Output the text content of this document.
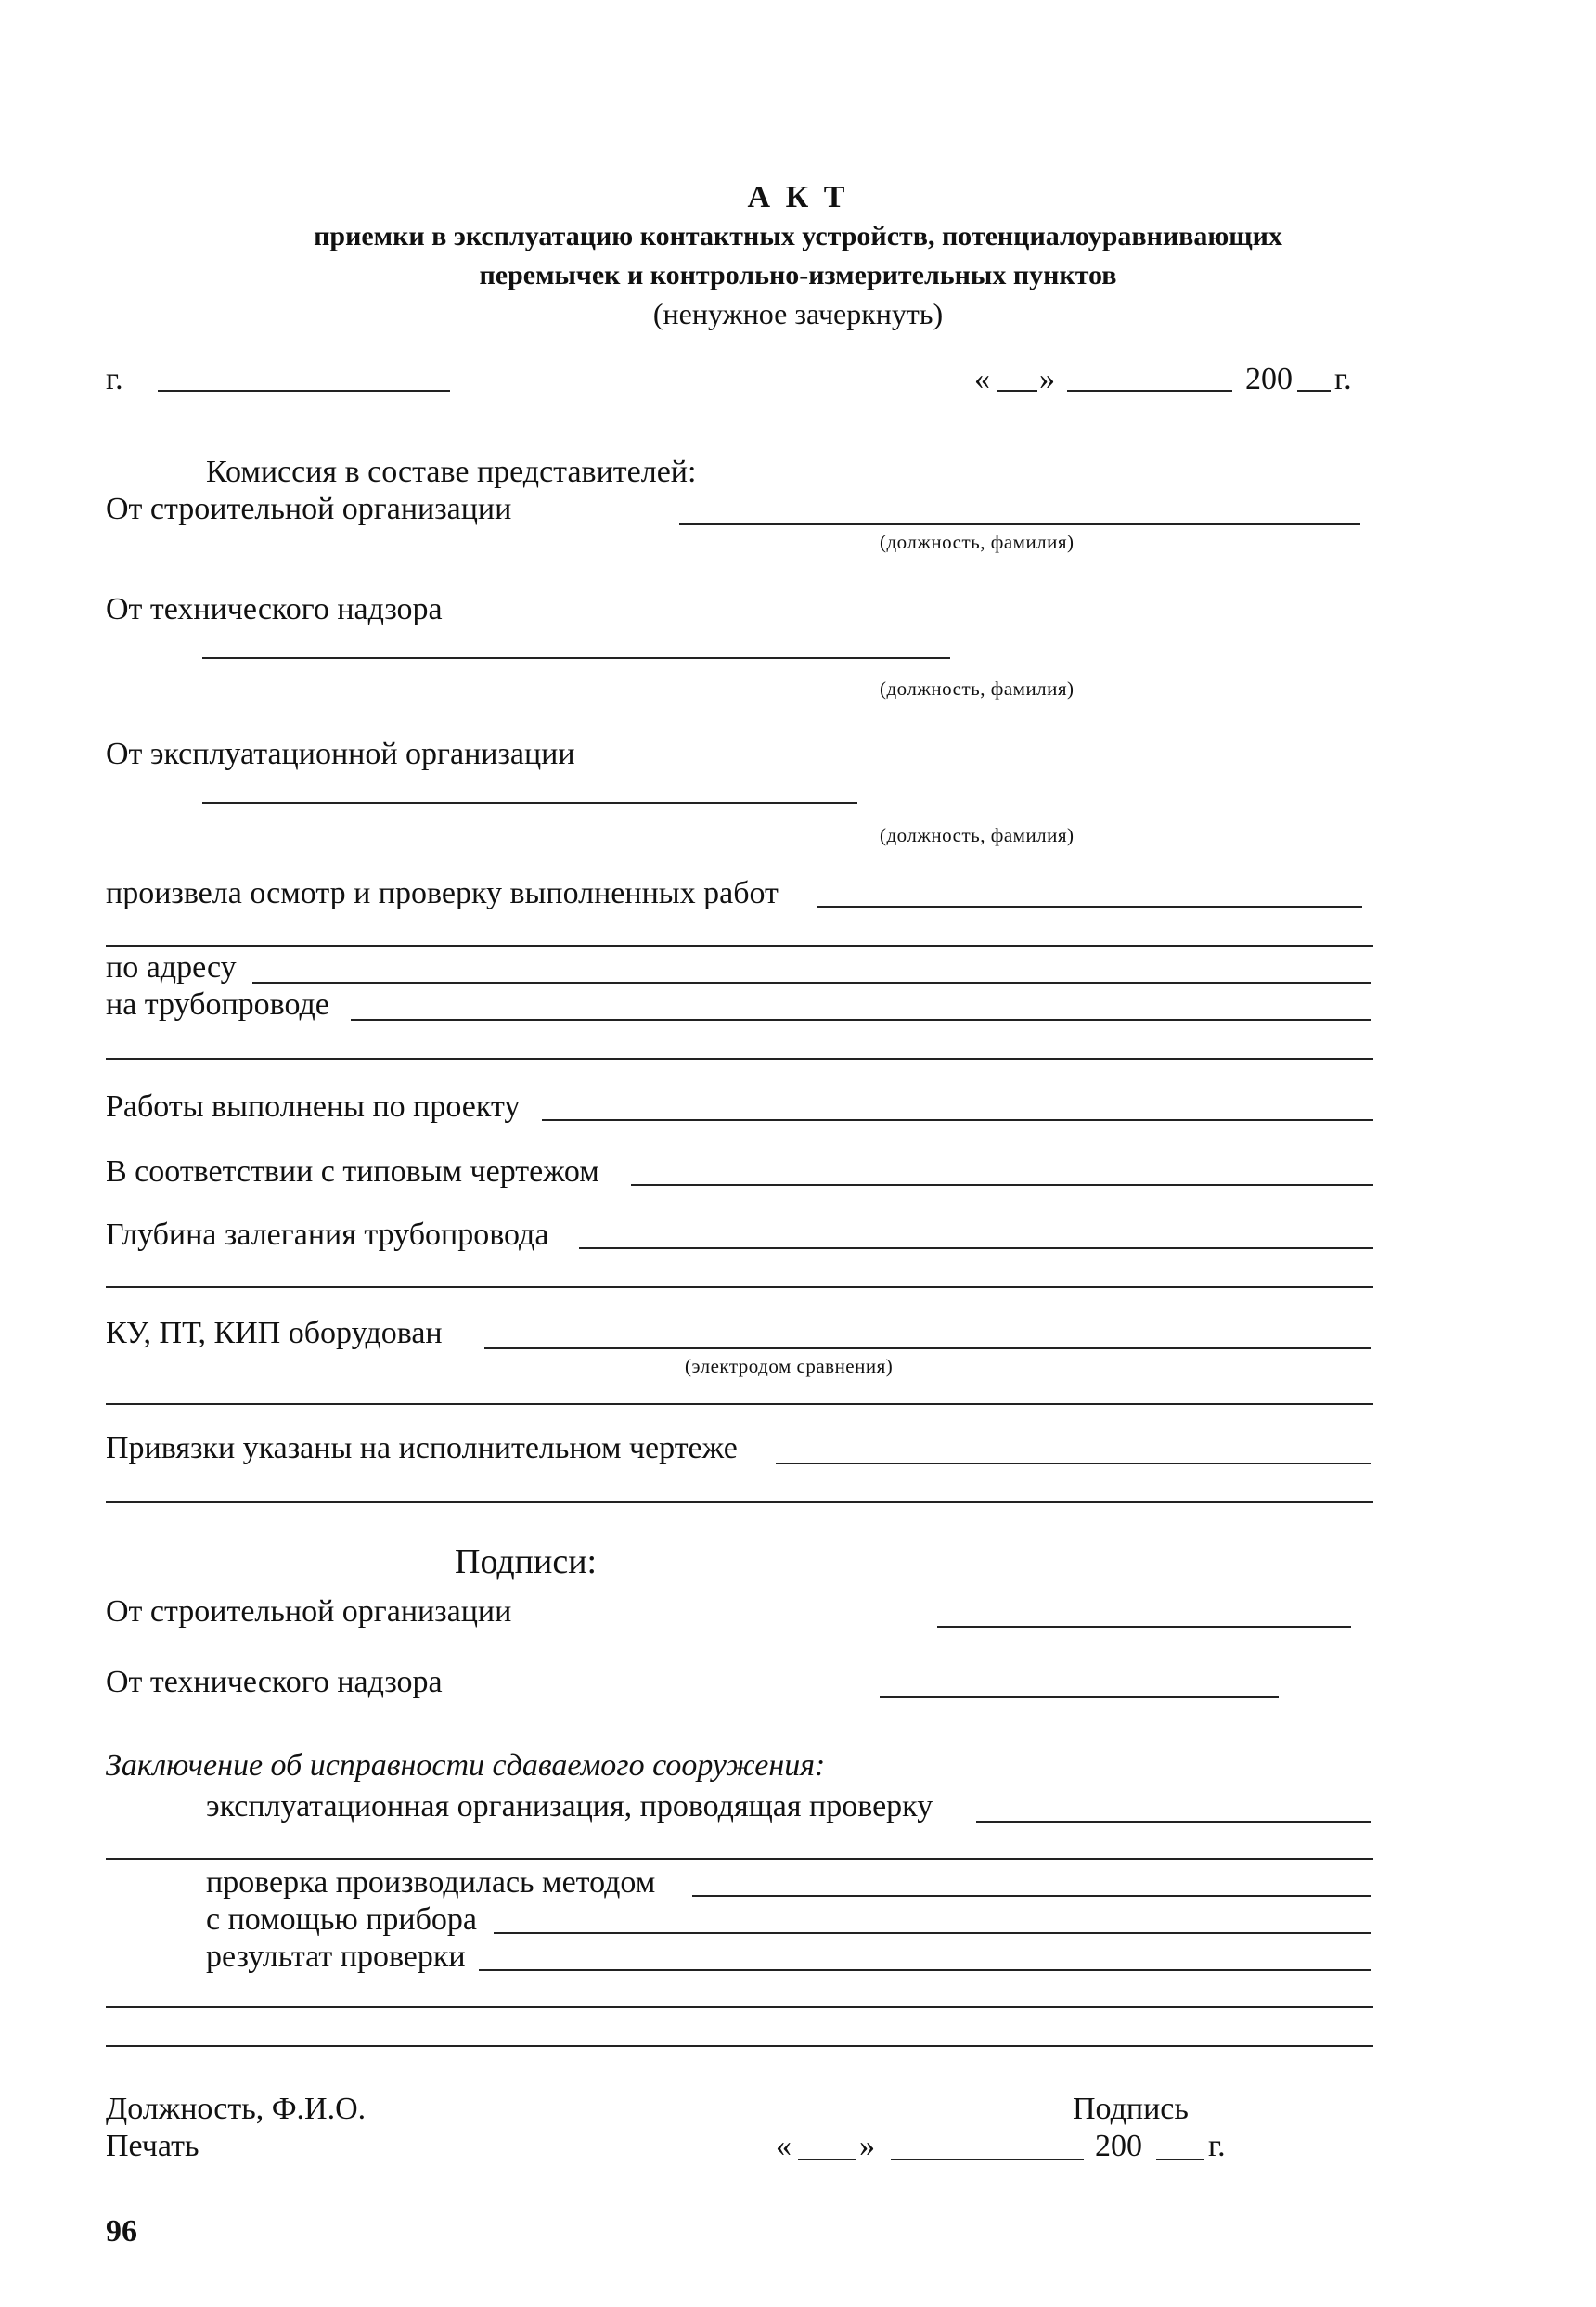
А К Т
приемки в эксплуатацию контактных устройств, потенциалоуравнивающих
перемычек и контрольно-измерительных пунктов
(ненужное зачеркнуть)
г.	« »	200 г.
Комиссия в составе представителей:
От строительной организации
(должность, фамилия)
От технического надзора
(должность, фамилия)
От эксплуатационной организации
(должность, фамилия)
произвела осмотр и проверку выполненных работ
по адресу
на трубопроводе
Работы выполнены по проекту
В соответствии с типовым чертежом
Глубина залегания трубопровода
КУ, ПТ, КИП оборудован
(электродом сравнения)
Привязки указаны на исполнительном чертеже
Подписи:
От строительной организации
От технического надзора
Заключение об исправности сдаваемого сооружения:
эксплуатационная организация, проводящая проверку
проверка производилась методом
с помощью прибора
результат проверки
Должность, Ф.И.О.	Подпись
Печать	« »	200 г.
96
